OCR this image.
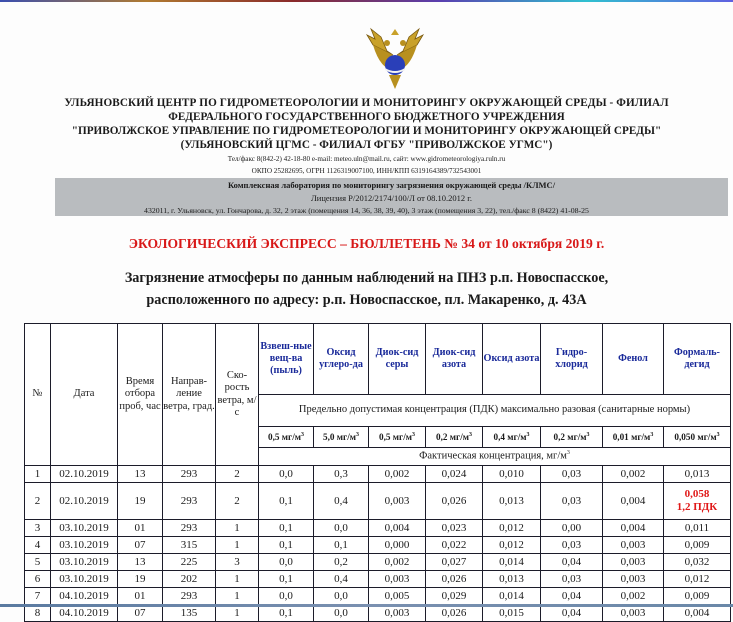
УЛЬЯНОВСКИЙ ЦЕНТР ПО ГИДРОМЕТЕОРОЛОГИИ И МОНИТОРИНГУ ОКРУЖАЮЩЕЙ СРЕДЫ - ФИЛИАЛ
ФЕДЕРАЛЬНОГО ГОСУДАРСТВЕННОГО БЮДЖЕТНОГО УЧРЕЖДЕНИЯ
"ПРИВОЛЖСКОЕ УПРАВЛЕНИЕ ПО ГИДРОМЕТЕОРОЛОГИИ И МОНИТОРИНГУ ОКРУЖАЮЩЕЙ СРЕДЫ"
(УЛЬЯНОВСКИЙ ЦГМС - ФИЛИАЛ ФГБУ "ПРИВОЛЖСКОЕ УГМС")
Тел/факс 8(842-2) 42-18-80 e-mail: meteo.uln@mail.ru, сайт: www.gidrometeorologiya.ruln.ru
ОКПО 25282695, ОГРН 1126319007100, ИНН/КПП 6319164389/732543001
Комплексная лаборатория по мониторингу загрязнения окружающей среды /КЛМС/
Лицензия Р/2012/2174/100/Л от 08.10.2012 г.
432011, г. Ульяновск, ул. Гончарова, д. 32, 2 этаж (помещения 14, 36, 38, 39, 40), 3 этаж (помещения 3, 22), тел./факс 8 (8422) 41-08-25
ЭКОЛОГИЧЕСКИЙ ЭКСПРЕСС – БЮЛЛЕТЕНЬ № 34 от 10 октября 2019 г.
Загрязнение атмосферы по данным наблюдений на ПНЗ р.п. Новоспасское,
расположенного по адресу: р.п. Новоспасское, пл. Макаренко, д. 43А
№	Дата	Время отбора проб, час	Направ-ление ветра, град.	Ско-рость ветра, м/с	Взвеш-ные вещ-ва (пыль)	Оксид углеро-да	Диок-сид серы	Диок-сид азота	Оксид азота	Гидро-хлорид	Фенол	Формаль-дегид
					Предельно допустимая концентрация (ПДК) максимально разовая (санитарные нормы)							
					0,5 $мг/м^3$	5,0 $мг/м^3$	0,5 $мг/м^3$	0,2 $мг/м^3$	0,4 $мг/м^3$	0,2 $мг/м^3$	0,01 $мг/м^3$	0,050 $мг/м^3$
					Фактическая концентрация, $мг/м^3$
1	02.10.2019	13	293	2	0,0	0,3	0,002	0,024	0,010	0,03	0,002	0,013
2	02.10.2019	19	293	2	0,1	0,4	0,003	0,026	0,013	0,03	0,004	0,058
1,2 ПДК

3	03.10.2019	01	293	1	0,1	0,0	0,004	0,023	0,012	0,00	0,004	0,011
4	03.10.2019	07	315	1	0,1	0,1	0,000	0,022	0,012	0,03	0,003	0,009
5	03.10.2019	13	225	3	0,0	0,2	0,002	0,027	0,014	0,04	0,003	0,032
6	03.10.2019	19	202	1	0,1	0,4	0,003	0,026	0,013	0,03	0,003	0,012
7	04.10.2019	01	293	1	0,0	0,0	0,005	0,029	0,014	0,04	0,002	0,009
8	04.10.2019	07	135	1	0,1	0,0	0,003	0,026	0,015	0,04	0,003	0,004
